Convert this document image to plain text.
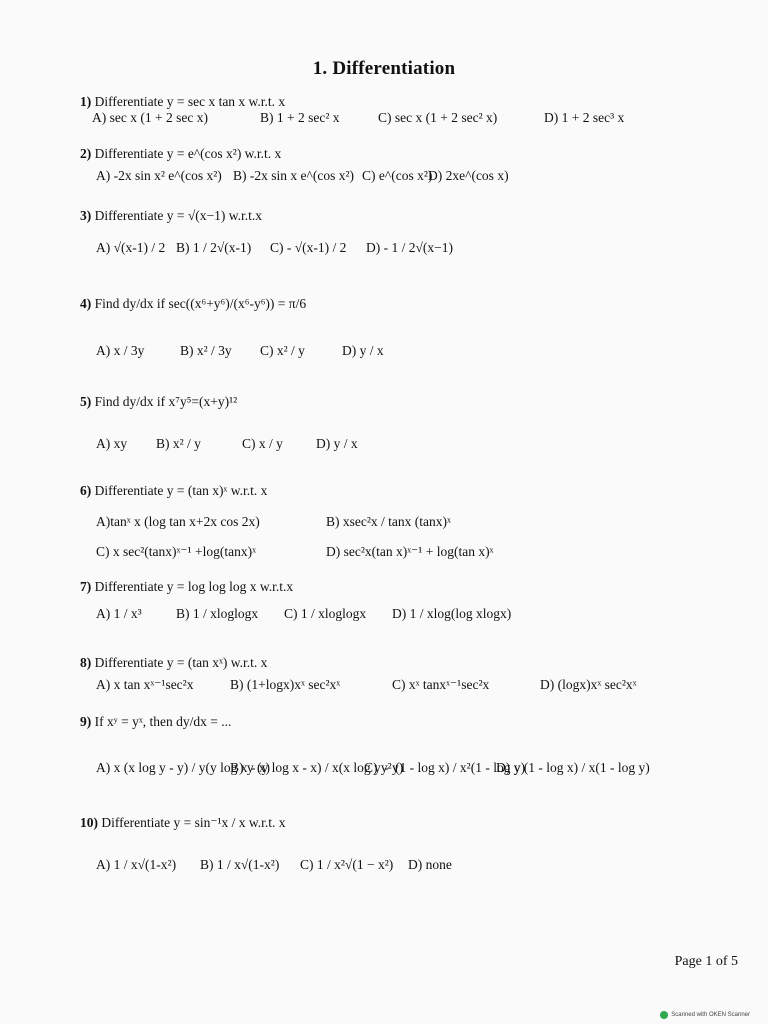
1. Differentiation
1) Differentiate y = sec x tan x w.r.t. x
A) sec x (1 + 2 sec x)	B) 1 + 2 sec² x	C) sec x (1 + 2 sec² x)	D) 1 + 2 sec³ x
2) Differentiate y = e^(cos x²) w.r.t. x
A) -2x sin x² e^(cos x²) B) -2x sin x e^(cos x²) C) e^(cos x²)
D) 2xe^(cos x)
3) Differentiate y = √(x−1) w.r.t.x
A) √(x-1) / 2 B) 1 / 2√(x-1) C) - √(x-1) / 2 D) - 1 / 2√(x−1)
4) Find dy/dx if sec((x⁶+y⁶)/(x⁶-y⁶)) = π/6
A) x / 3y	B) x² / 3y C) x² / y	D) y / x
5) Find dy/dx if x⁷y⁵=(x+y)¹²
A) xy B) x² / y	C) x / y D) y / x
6) Differentiate y = (tan x)ˣ w.r.t. x
A)tanˣ x (log tan x+2x cos 2x)	B) xsec²x / tanx (tanx)ˣ
C) x sec²(tanx)ˣ⁻¹ +log(tanx)ˣ	D) sec²x(tan x)ˣ⁻¹ + log(tan x)ˣ
7) Differentiate y = log log log x w.r.t.x
A) 1 / x³	B) 1 / xloglogx C) 1 / xloglogx D) 1 / xlog(log xlogx)
8) Differentiate y = (tan xˣ) w.r.t. x
A) x tan xˣ⁻¹sec²x	B) (1+logx)xˣ sec²xˣ	C) xˣ tanxˣ⁻¹sec²x	D) (logx)xˣ sec²xˣ
9) If xʸ = yˣ, then dy/dx = ...
A) x (x log y - y) / y(y log x - x)
B) y (y log x - x) / x(x log y - y)
C) y² (1 - log x) / x²(1 - log y)
D) y (1 - log x) / x(1 - log y)
10) Differentiate y = sin⁻¹x / x w.r.t. x
A) 1 / x√(1-x²) B) 1 / x√(1-x²) C) 1 / x²√(1 − x²) D) none
Page 1 of 5
Scanned with OKEN Scanner
